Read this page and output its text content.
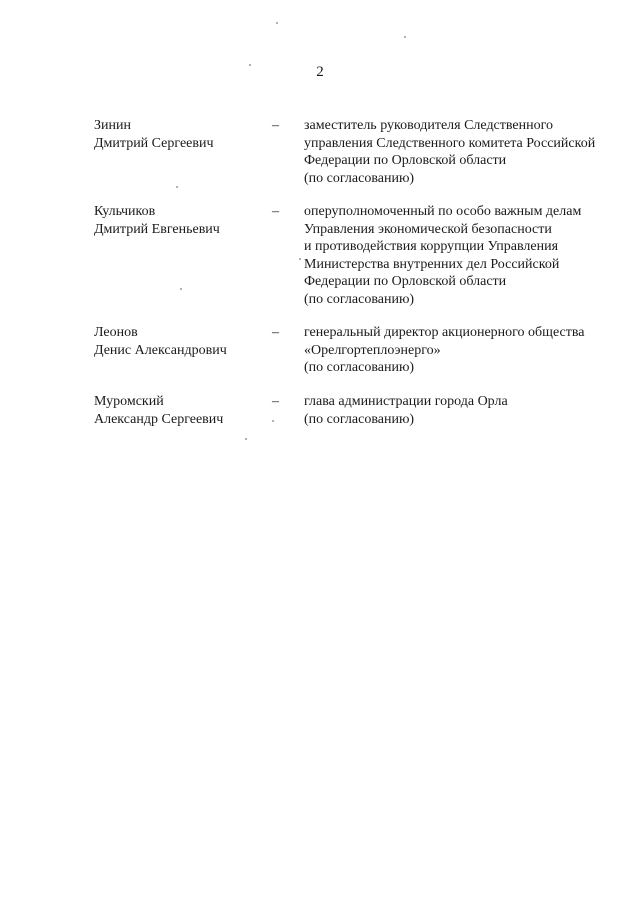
2
Зинин
Дмитрий Сергеевич
– заместитель руководителя Следственного
управления Следственного комитета Российской
Федерации по Орловской области
(по согласованию)
Кульчиков
Дмитрий Евгеньевич
– оперуполномоченный по особо важным делам
Управления экономической безопасности
и противодействия коррупции Управления
Министерства внутренних дел Российской
Федерации по Орловской области
(по согласованию)
Леонов
Денис Александрович
– генеральный директор акционерного общества
«Орелгортеплоэнерго»
(по согласованию)
Муромский
Александр Сергеевич
– глава администрации города Орла
(по согласованию)
